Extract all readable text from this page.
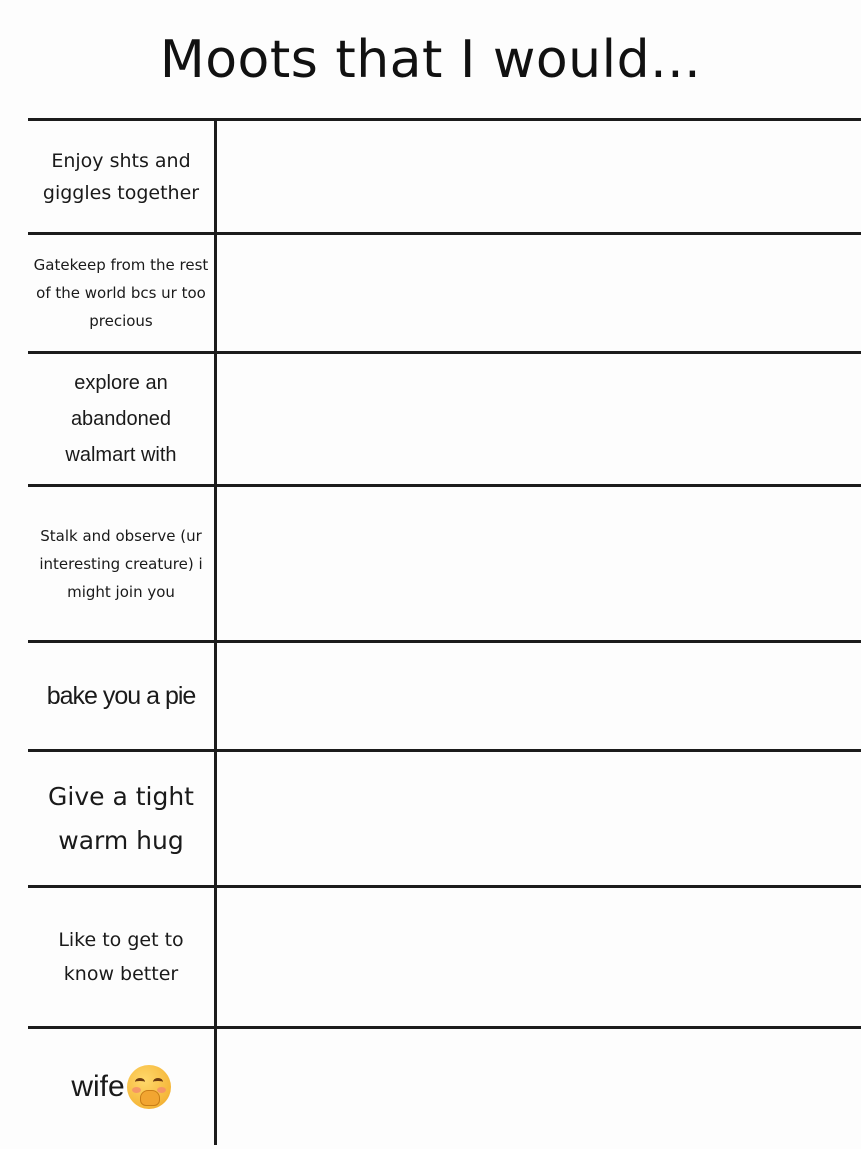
Moots that I would...
Enjoy shts and giggles together
Gatekeep from the rest of the world bcs ur too precious
explore an abandoned walmart with
Stalk and observe (ur interesting creature) i might join you
bake you a pie
Give a tight warm hug
Like to get to know better
wife
